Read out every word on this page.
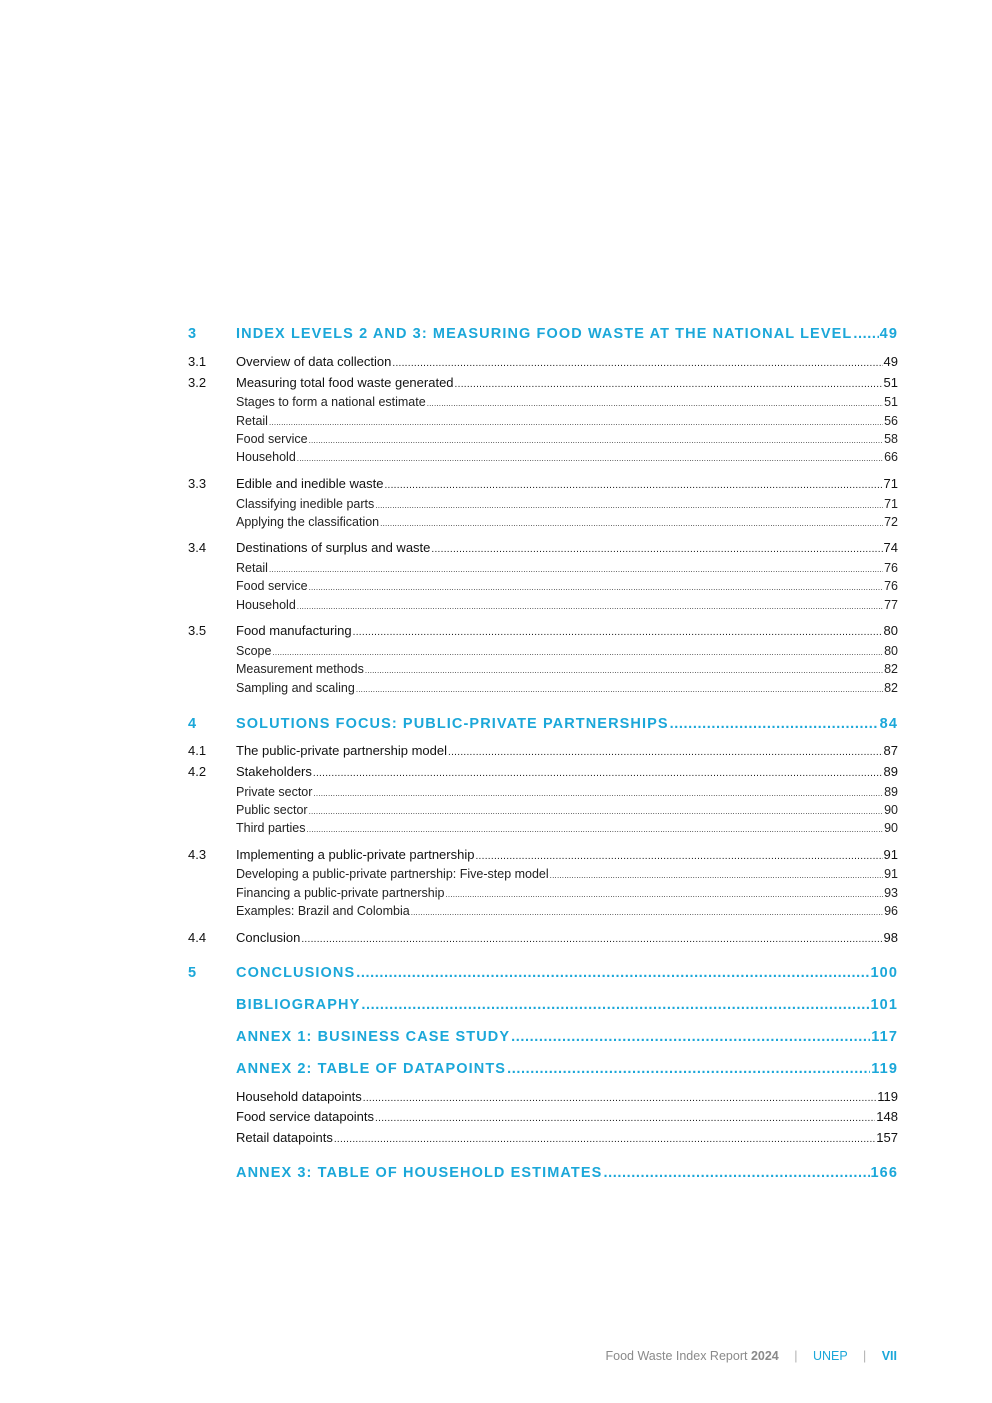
3	INDEX LEVELS 2 AND 3: MEASURING FOOD WASTE AT THE NATIONAL LEVEL ..... 49
3.1	Overview of data collection .....	49
3.2	Measuring total food waste generated .....	51
Stages to form a national estimate .....	51
Retail .....	56
Food service .....	58
Household .....	66
3.3	Edible and inedible waste .....	71
Classifying inedible parts .....	71
Applying the classification .....	72
3.4	Destinations of surplus and waste .....	74
Retail .....	76
Food service .....	76
Household .....	77
3.5	Food manufacturing .....	80
Scope .....	80
Measurement methods .....	82
Sampling and scaling .....	82
4	SOLUTIONS FOCUS: PUBLIC-PRIVATE PARTNERSHIPS .....	84
4.1	The public-private partnership model .....	87
4.2	Stakeholders .....	89
Private sector .....	89
Public sector .....	90
Third parties .....	90
4.3	Implementing a public-private partnership .....	91
Developing a public-private partnership: Five-step model .....	91
Financing a public-private partnership .....	93
Examples: Brazil and Colombia .....	96
4.4	Conclusion .....	98
5	CONCLUSIONS .....	100
BIBLIOGRAPHY .....	101
ANNEX 1: BUSINESS CASE STUDY .....	117
ANNEX 2: TABLE OF DATAPOINTS .....	119
Household datapoints .....	119
Food service datapoints .....	148
Retail datapoints .....	157
ANNEX 3: TABLE OF HOUSEHOLD ESTIMATES .....	166
Food Waste Index Report 2024 | UNEP | VII
